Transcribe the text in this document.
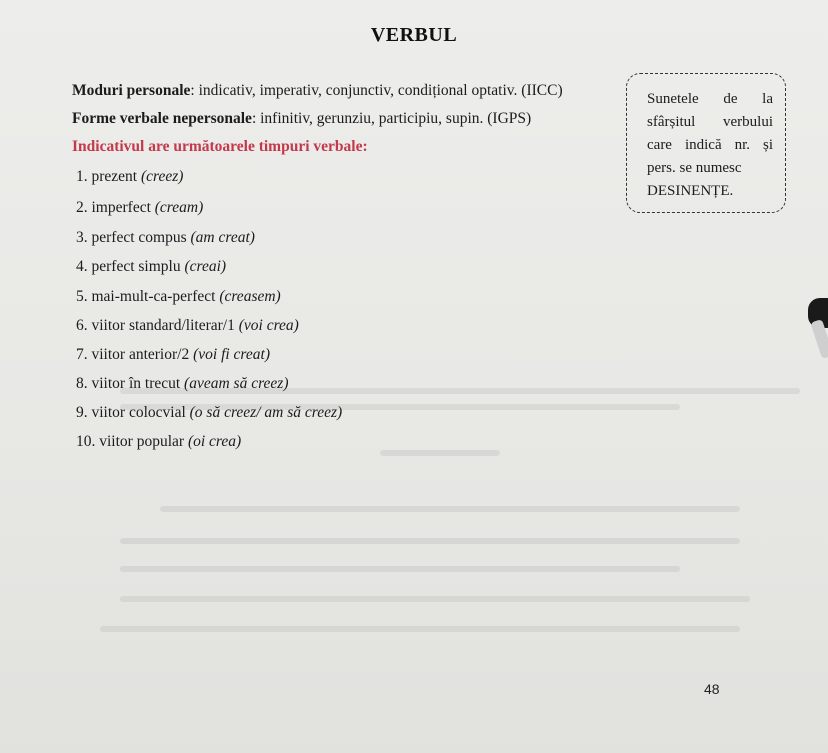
VERBUL
Moduri personale: indicativ, imperativ, conjunctiv, condițional optativ. (IICC)
Forme verbale nepersonale: infinitiv, gerunziu, participiu, supin. (IGPS)
Indicativul are următoarele timpuri verbale:
1. prezent (creez)
2. imperfect (cream)
3. perfect compus (am creat)
4. perfect simplu (creai)
5. mai-mult-ca-perfect (creasem)
6. viitor standard/literar/1 (voi crea)
7. viitor anterior/2 (voi fi creat)
8. viitor în trecut (aveam să creez)
9. viitor colocvial (o să creez/ am să creez)
10. viitor popular (oi crea)
Sunetele de la sfârșitul verbului care indică nr. și pers. se numesc
DESINENȚE.
48
